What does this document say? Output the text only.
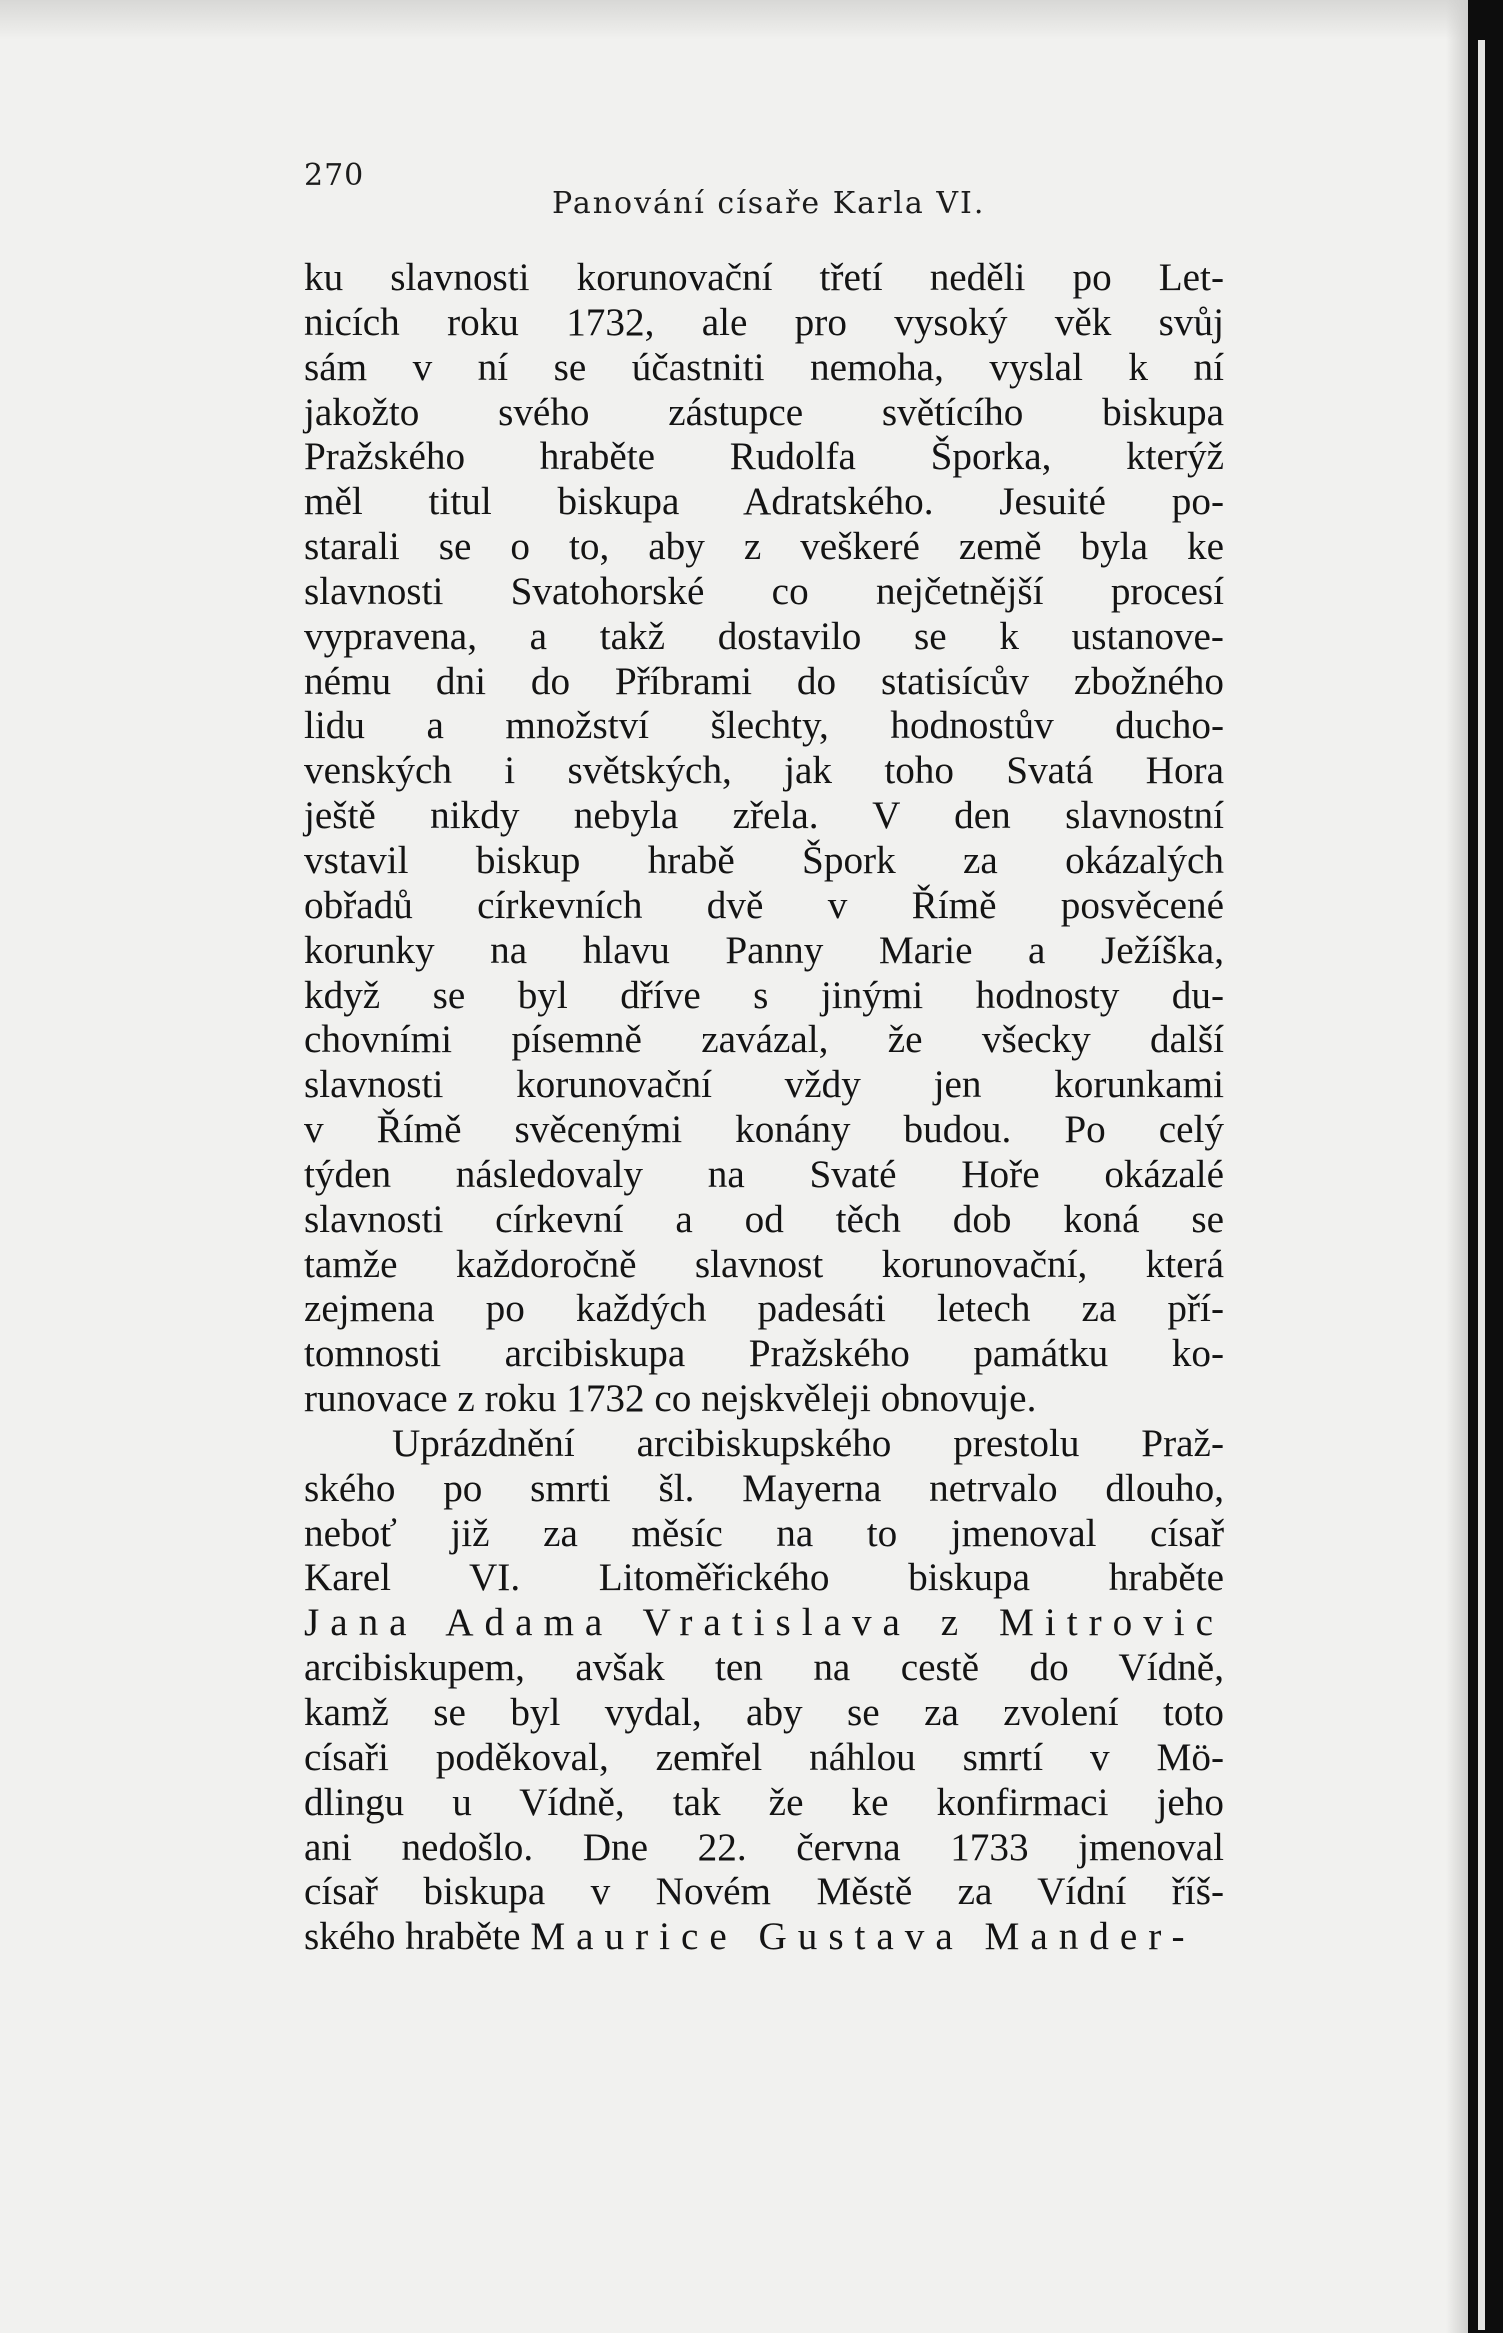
270
Panování císaře Karla VI.
ku slavnosti korunovační třetí neděli po Let-
nicích roku 1732, ale pro vysoký věk svůj
sám v ní se účastniti nemoha, vyslal k ní
jakožto svého zástupce světícího biskupa
Pražského hraběte Rudolfa Šporka, kterýž
měl titul biskupa Adratského. Jesuité po-
starali se o to, aby z veškeré země byla ke
slavnosti Svatohorské co nejčetnější procesí
vypravena, a takž dostavilo se k ustanove-
nému dni do Příbrami do statisícův zbožného
lidu a množství šlechty, hodnostův ducho-
venských i světských, jak toho Svatá Hora
ještě nikdy nebyla zřela. V den slavnostní
vstavil biskup hrabě Špork za okázalých
obřadů církevních dvě v Římě posvěcené
korunky na hlavu Panny Marie a Ježíška,
když se byl dříve s jinými hodnosty du-
chovními písemně zavázal, že všecky další
slavnosti korunovační vždy jen korunkami
v Římě svěcenými konány budou. Po celý
týden následovaly na Svaté Hoře okázalé
slavnosti církevní a od těch dob koná se
tamže každoročně slavnost korunovační, která
zejmena po každých padesáti letech za pří-
tomnosti arcibiskupa Pražského památku ko-
runovace z roku 1732 co nejskvěleji obnovuje.
Uprázdnění arcibiskupského prestolu Praž-
ského po smrti šl. Mayerna netrvalo dlouho,
neboť již za měsíc na to jmenoval císař
Karel VI. Litoměřického biskupa hraběte
Jana Adama Vratislava z Mitrovic
arcibiskupem, avšak ten na cestě do Vídně,
kamž se byl vydal, aby se za zvolení toto
císaři poděkoval, zemřel náhlou smrtí v Mö-
dlingu u Vídně, tak že ke konfirmaci jeho
ani nedošlo. Dne 22. června 1733 jmenoval
císař biskupa v Novém Městě za Vídní říš-
ského hraběte Maurice Gustava Mander-
